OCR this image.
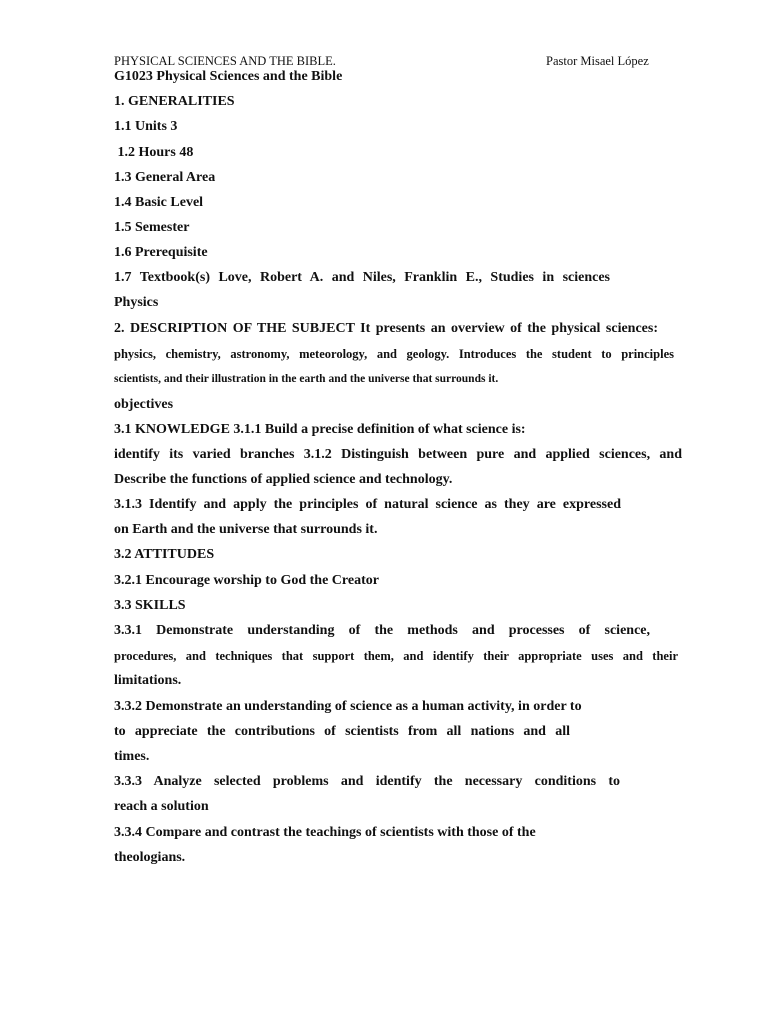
PHYSICAL SCIENCES AND THE BIBLE.	Pastor Misael López
G1023 Physical Sciences and the Bible
1. GENERALITIES
1.1 Units 3
1.2 Hours 48
1.3 General Area
1.4 Basic Level
1.5 Semester
1.6 Prerequisite
1.7 Textbook(s) Love, Robert A. and Niles, Franklin E., Studies in sciences
Physics
2. DESCRIPTION OF THE SUBJECT It presents an overview of the physical sciences:
physics, chemistry, astronomy, meteorology, and geology. Introduces the student to principles
scientists, and their illustration in the earth and the universe that surrounds it.
objectives
3.1 KNOWLEDGE 3.1.1 Build a precise definition of what science is:
identify its varied branches 3.1.2 Distinguish between pure and applied sciences, and
Describe the functions of applied science and technology.
3.1.3 Identify and apply the principles of natural science as they are expressed
on Earth and the universe that surrounds it.
3.2 ATTITUDES
3.2.1 Encourage worship to God the Creator
3.3 SKILLS
3.3.1 Demonstrate understanding of the methods and processes of science,
procedures, and techniques that support them, and identify their appropriate uses and their
limitations.
3.3.2 Demonstrate an understanding of science as a human activity, in order to
to appreciate the contributions of scientists from all nations and all
times.
3.3.3 Analyze selected problems and identify the necessary conditions to
reach a solution
3.3.4 Compare and contrast the teachings of scientists with those of the
theologians.
